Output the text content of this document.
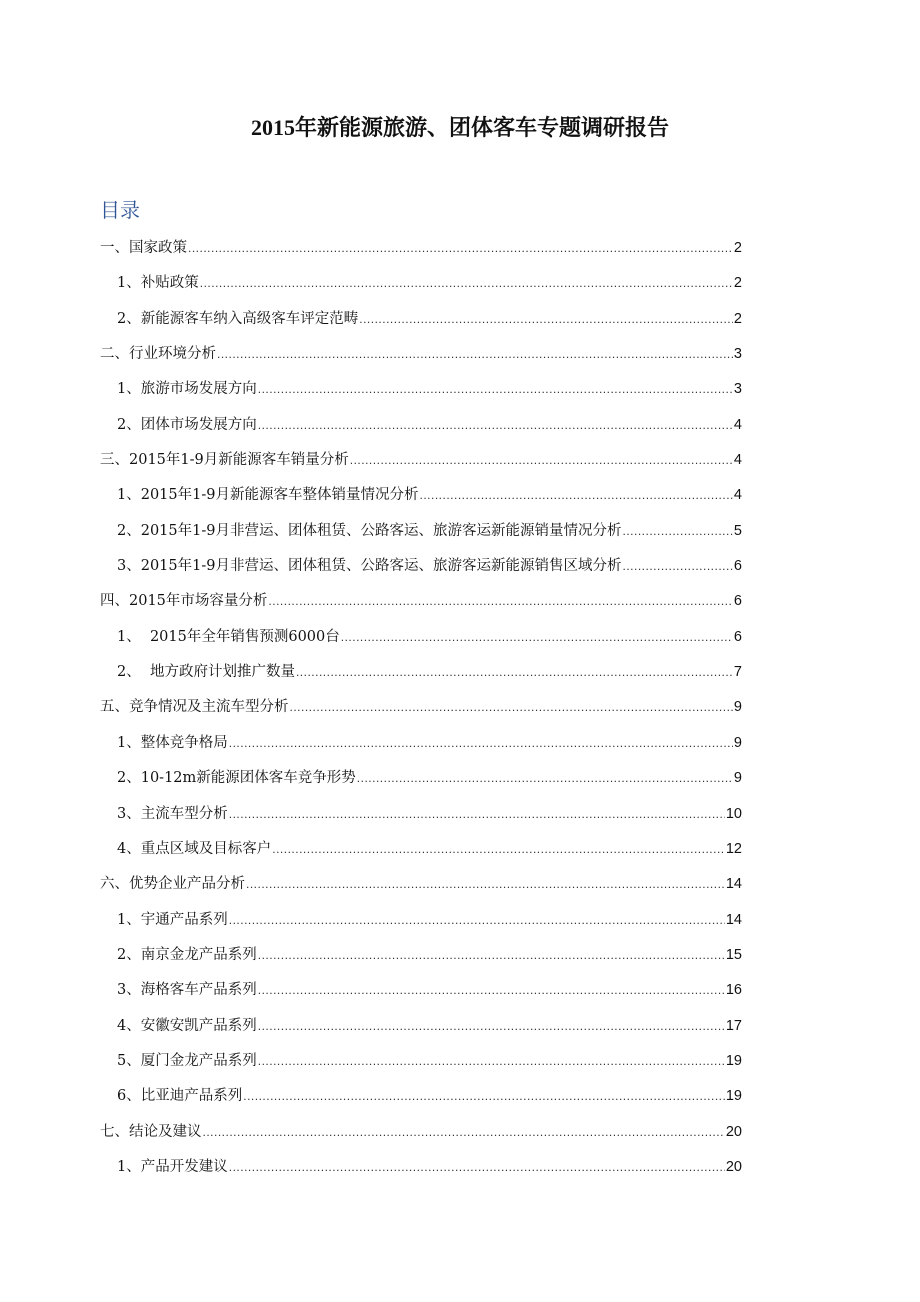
2015年新能源旅游、团体客车专题调研报告
目录
一、国家政策 .....	2
1、补贴政策 .....	2
2、新能源客车纳入高级客车评定范畴 .....	2
二、行业环境分析 .....	3
1、旅游市场发展方向 .....	3
2、团体市场发展方向 .....	4
三、2015年1-9月新能源客车销量分析 .....	4
1、2015年1-9月新能源客车整体销量情况分析 .....	4
2、2015年1-9月非营运、团体租赁、公路客运、旅游客运新能源销量情况分析 .....	5
3、2015年1-9月非营运、团体租赁、公路客运、旅游客运新能源销售区域分析 .....	6
四、2015年市场容量分析 .....	6
1、  2015年全年销售预测6000台 .....	6
2、  地方政府计划推广数量 .....	7
五、竞争情况及主流车型分析 .....	9
1、整体竞争格局 .....	9
2、10-12m新能源团体客车竞争形势 .....	9
3、主流车型分析 .....	10
4、重点区域及目标客户 .....	12
六、优势企业产品分析 .....	14
1、宇通产品系列 .....	14
2、南京金龙产品系列 .....	15
3、海格客车产品系列 .....	16
4、安徽安凯产品系列 .....	17
5、厦门金龙产品系列 .....	19
6、比亚迪产品系列 .....	19
七、结论及建议 .....	20
1、产品开发建议 .....	20
